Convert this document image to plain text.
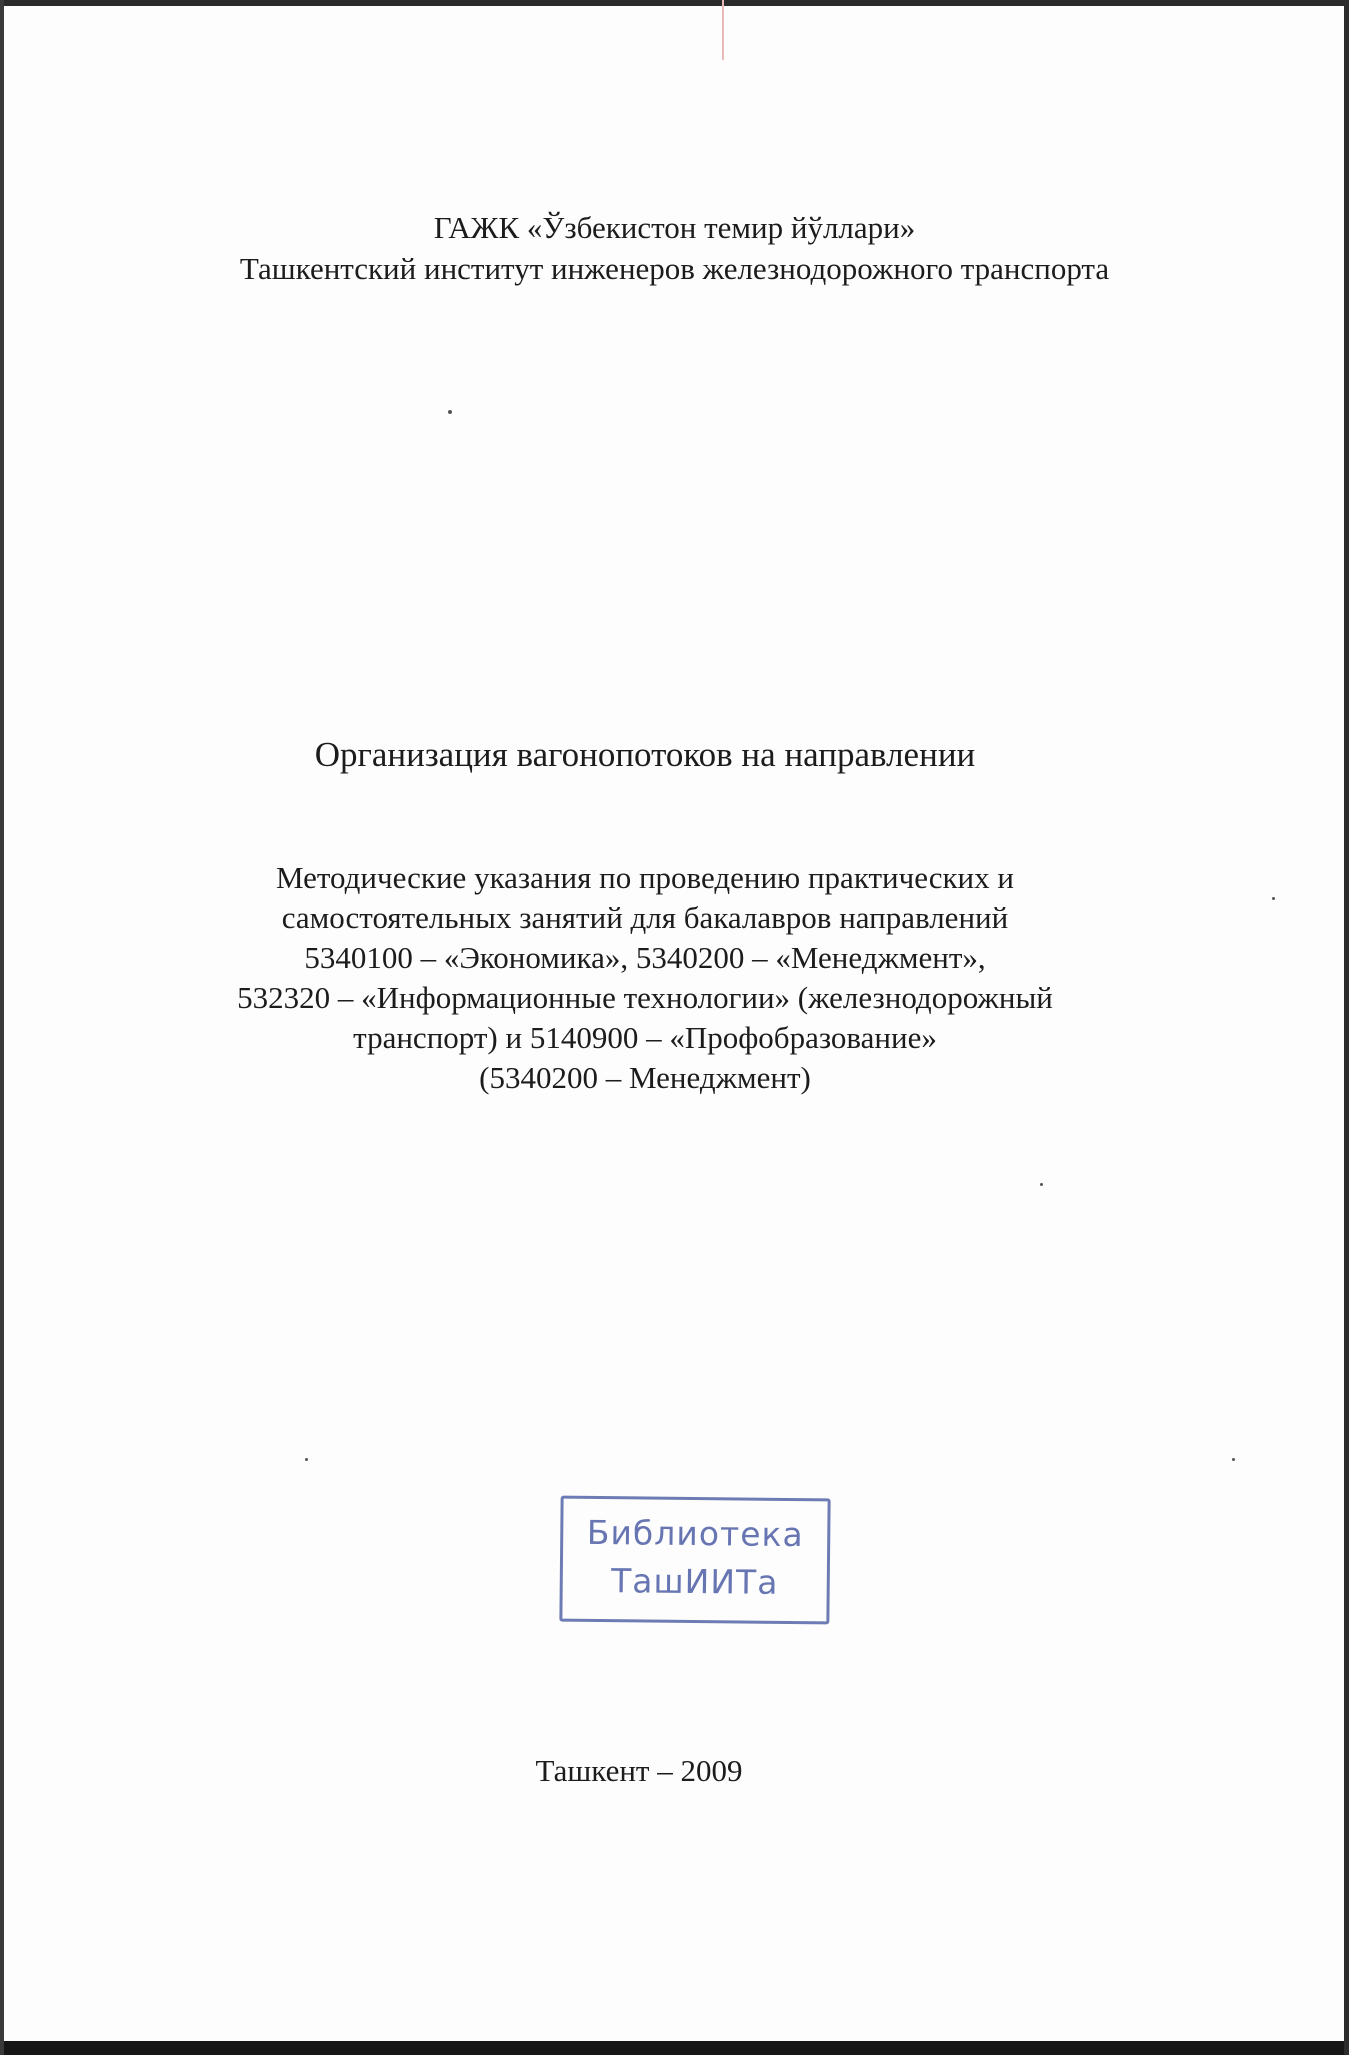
ГАЖК «Ўзбекистон темир йўллари»
Ташкентский институт инженеров железнодорожного транспорта
Организация вагонопотоков на направлении
Методические указания по проведению практических и
самостоятельных занятий для бакалавров направлений
5340100 – «Экономика», 5340200 – «Менеджмент»,
532320 – «Информационные технологии» (железнодорожный
транспорт) и 5140900 – «Профобразование»
(5340200 – Менеджмент)
Библиотека
ТашИИТа
Ташкент – 2009
